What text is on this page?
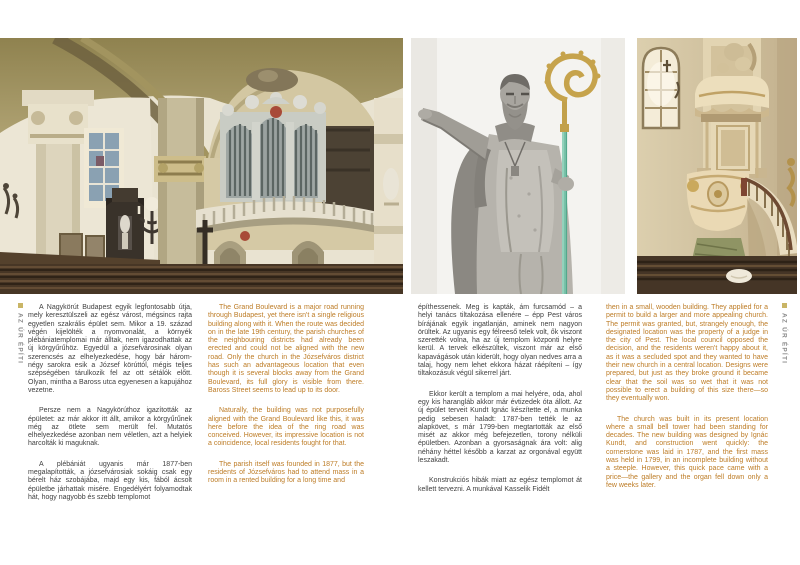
AZ ÚR ÉPÍTI	AZ ÚR ÉPÍTI

A Nagykörút Budapest egyik legfontosabb útja, mely keresztülszeli az egész várost, mégsincs rajta egyetlen szakrális épület sem. Mikor a 19. század végén kijelölték a nyomvonalát, a környék plébániatemplomai már álltak, nem igazodhattak az új körgyűrűhöz. Egyedül a józsefvárosinak olyan szerencsés az elhelyezkedése, hogy bár három-négy sarokra esik a József körúttól, mégis teljes szépségében tárulkozik fel az ott sétálók előtt. Olyan, mintha a Baross utca egyenesen a kapujához vezetne.

Persze nem a Nagykörúthoz igazították az épületet: az már akkor itt állt, amikor a körgyűrűnek még az ötlete sem merült fel. Mutatós elhelyezkedése azonban nem véletlen, azt a helyiek harcolták ki maguknak.

A plébániát ugyanis már 1877-ben megalapították, a józsefvárosiak sokáig csak egy bérelt ház szobájába, majd egy kis, fából ácsolt épületbe járhattak misére. Engedélyért folyamodtak hát, hogy nagyobb és szebb templomot

The Grand Boulevard is a major road running through Budapest, yet there isn't a single religious building along with it. When the route was decided on in the late 19th century, the parish churches of the neighbouring districts had already been erected and could not be aligned with the new road. Only the church in the Józsefváros district has such an advantageous location that even though it is several blocks away from the Grand Boulevard, its full glory is visible from there. Baross Street seems to lead up to its door.

Naturally, the building was not purposefully aligned with the Grand Boulevard like this, it was here before the idea of the ring road was conceived. However, its impressive location is not a coincidence, local residents fought for that.

The parish itself was founded in 1877, but the residents of Józsefváros had to attend mass in a room in a rented building for a long time and

építhessenek. Meg is kapták, ám furcsamód – a helyi tanács tiltakozása ellenére – épp Pest város bírájának egyik ingatlanján, aminek nem nagyon örültek. Az ugyanis egy félreeső telek volt, ők viszont szerették volna, ha az új templom központi helyre kerül. A tervek elkészültek, viszont már az első kapavágások után kiderült, hogy olyan nedves arra a talaj, hogy nem lehet ekkora házat ráépíteni – így tiltakozásuk végül sikerrel járt.

Ekkor került a templom a mai helyére, oda, ahol egy kis harangláb akkor már évtizedek óta állott. Az új épület terveit Kundt Ignác készítette el, a munka pedig sebesen haladt: 1787-ben tették le az alapkövet, s már 1799-ben megtartották az első misét az akkor még befejezetlen, torony nélküli épületben. Azonban a gyorsaságnak ára volt: alig néhány héttel később a karzat az orgonával együtt leszakadt.

Konstrukciós hibák miatt az egész templomot át kellett tervezni. A munkával Kasselik Fidélt

then in a small, wooden building. They applied for a permit to build a larger and more appealing church. The permit was granted, but, strangely enough, the designated location was the property of a judge in the city of Pest. The local council opposed the decision, and the residents weren't happy about it, as it was a secluded spot and they wanted to have their new church in a central location. Designs were prepared, but just as they broke ground it became clear that the soil was so wet that it was not possible to erect a building of this size there—so they eventually won.

The church was built in its present location where a small bell tower had been standing for decades. The new building was designed by Ignác Kundt, and construction went quickly: the cornerstone was laid in 1787, and the first mass was held in 1799, in an incomplete building without a steeple. However, this quick pace came with a price—the gallery and the organ fell down only a few weeks later.
